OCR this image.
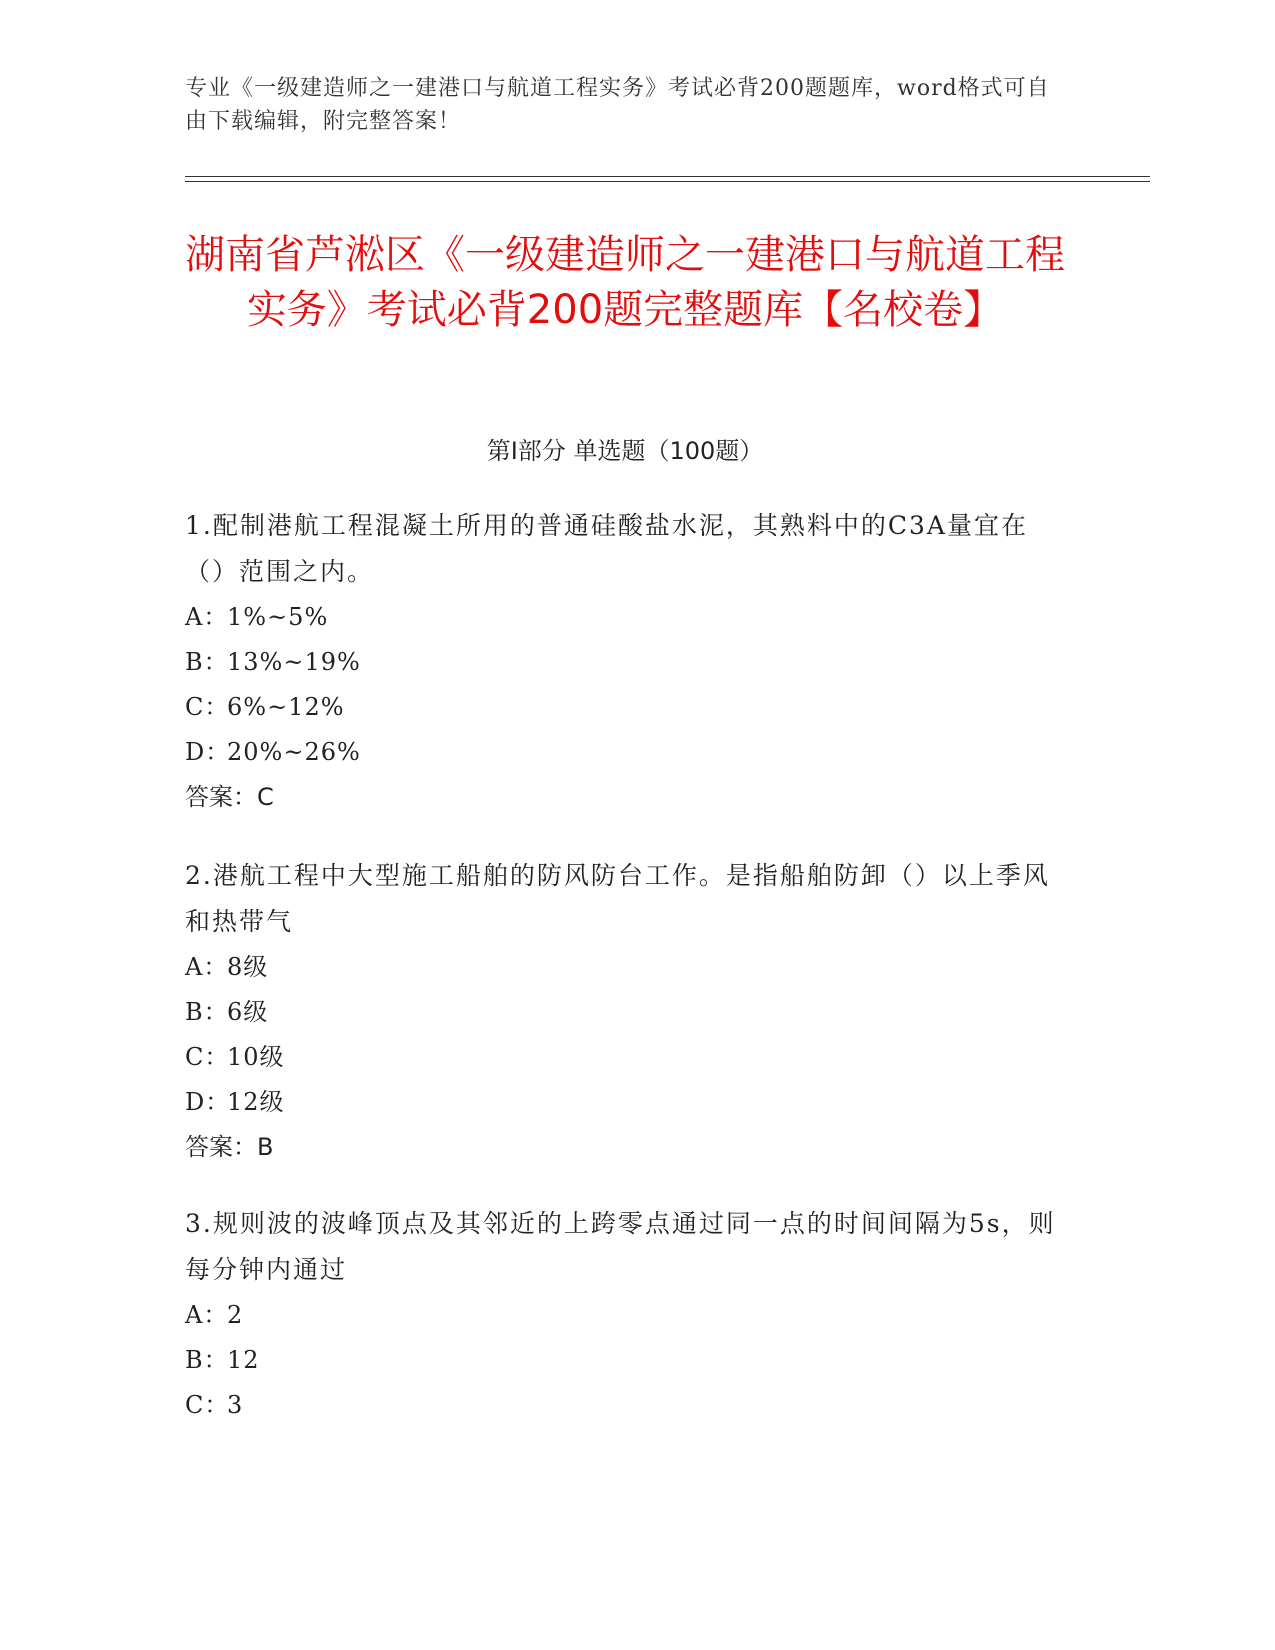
专业《一级建造师之一建港口与航道工程实务》考试必背200题题库，word格式可自由下载编辑，附完整答案！
湖南省芦淞区《一级建造师之一建港口与航道工程实务》考试必背200题完整题库【名校卷】
第I部分 单选题（100题）
1.配制港航工程混凝土所用的普通硅酸盐水泥，其熟料中的C3A量宜在（）范围之内。
A：1%~5%
B：13%~19%
C：6%~12%
D：20%~26%
答案：C
2.港航工程中大型施工船舶的防风防台工作。是指船舶防卸（）以上季风和热带气
A：8级
B：6级
C：10级
D：12级
答案：B
3.规则波的波峰顶点及其邻近的上跨零点通过同一点的时间间隔为5s，则每分钟内通过
A：2
B：12
C：3
